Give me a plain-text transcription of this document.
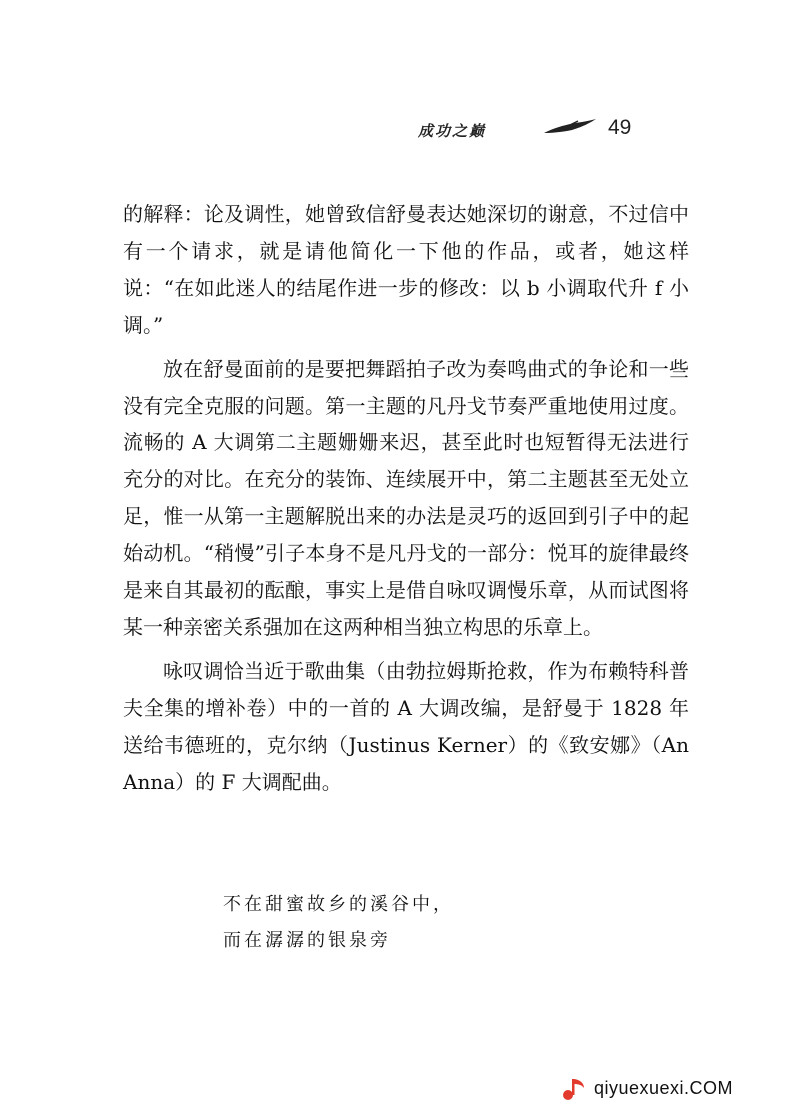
成功之巅	49

的解释：论及调性，她曾致信舒曼表达她深切的谢意，不过信中有一个请求，就是请他简化一下他的作品，或者，她这样说：“在如此迷人的结尾作进一步的修改：以 b 小调取代升 f 小调。”

放在舒曼面前的是要把舞蹈拍子改为奏鸣曲式的争论和一些没有完全克服的问题。第一主题的凡丹戈节奏严重地使用过度。流畅的 A 大调第二主题姗姗来迟，甚至此时也短暂得无法进行充分的对比。在充分的装饰、连续展开中，第二主题甚至无处立足，惟一从第一主题解脱出来的办法是灵巧的返回到引子中的起始动机。“稍慢”引子本身不是凡丹戈的一部分：悦耳的旋律最终是来自其最初的酝酿，事实上是借自咏叹调慢乐章，从而试图将某一种亲密关系强加在这两种相当独立构思的乐章上。

咏叹调恰当近于歌曲集（由勃拉姆斯抢救，作为布赖特科普夫全集的增补卷）中的一首的 A 大调改编，是舒曼于 1828 年送给韦德班的，克尔纳（Justinus Kerner）的《致安娜》（An Anna）的 F 大调配曲。

不在甜蜜故乡的溪谷中，
而在潺潺的银泉旁
qiyuexuexi.COM
